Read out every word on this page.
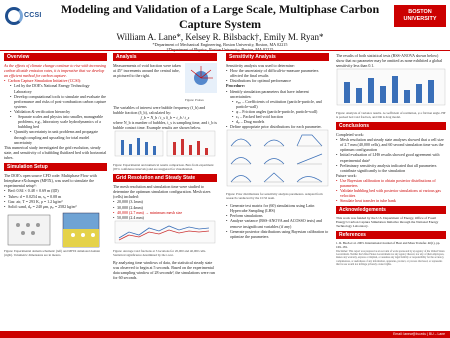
CCSI	BOSTON
UNIVERSITY
Modeling and Validation of a Large Scale, Multiphase Carbon Capture System
William A. Lane*, Kelsey R. Bilsback†, Emily M. Ryan*
*Department of Mechanical Engineering, Boston University, Boston, MA 02215
Overview

As the effects of climate change continue to rise with increasing carbon dioxide emission rates, it is imperative that we develop an efficient method for carbon capture.

• Carbon Capture Simulation Initiative (CCSI):
• Led by the DOE's National Energy Technology Laboratory
• Develop computational tools to simulate and evaluate the performance and risks of post-combustion carbon capture systems
• Validation & verification hierarchy
• Separate scales and physics into smaller, manageable problems, e.g., laboratory scale hydrodynamics of a bubbling bed
• Quantify uncertainty in unit problems and propagate through coupling and upscaling for total model uncertainty

This numerical study investigated the grid resolution, steady state, and sensitivity of a bubbling fluidized bed with horizontal tubes.

Simulation Setup

The DOE's open source CFD code: Multiphase Flow with Interphase eXchanges (MFIX), was used to simulate the experimental setup¹:

• Bed: 0.84 × 0.48 × 0.69 m (l|D)
• Tubes: d = 0.0254 m, sₓ = 0.08 m
• Gas: air, T = 293 K, ρ = 1.2 kg/m³
• Solid: sand, dₚ = 240 μm, ρₚ = 2582 kg/m³

Figure: Experimental domain schematic (left) and MFIX simulated domain (right). Volumetric dimensions are in meters.

Analysis

Measurements of void fraction were taken at 45° increments around the central tube, as pictured to the right.

Figure: Probes

The variables of interest were bubble frequency (f_b) and bubble fraction (δ_b), calculated by:

f_b = N_b / t_s δ_b = t_b / t_s

where N_b is number of bubbles, t_s is sampling time, and t_b is bubble contact time. Example results are shown below.

Figure: Experimental and numerical results comparison. Bars from experiment (95% confidence intervals) and are staggered for visualization.

Grid Resolution and Steady State

The mesh resolution and simulation time were studied to determine the optimum simulation configuration. Mesh sizes (cells) included:

• 20,000 (3.1mm)
• 30,000 (2.4mm)
• 40,000 (2.7 mm) → minimum mesh size
• 50,000 (2.4 mm)

Figure: Average void fractions at 3 locations for 20,000 and 40,000 cells. Statistical significance determined by the t-test.

By analyzing time windows of data, the statistical steady state was observed to begin at 5 seconds. Based on the experimental data sampling window of 28 seconds², the simulations were run for 60 seconds.

Sensitivity Analysis

Sensitivity analysis was used to determine:

• How the uncertainty of difficult-to-measure parameters affected the final results
• Distributions for optimal performance

Procedure:

• Identify simulation parameters that have inherent uncertainties:
• eₚₚ – Coefficients of restitution (particle-particle, and particle-wall)
• φ – Friction angles (particle-particle, particle-wall)
• εₛ – Packed bed void fraction
• dₚ – Drag models
• Define appropriate prior distributions for each parameter.

Figure: Prior distributions for sensitivity analysis parameters. Adapted from research conducted by the CCSI team.

• Generate test matrix for (60) simulations using Latin Hypercube Sampling (LHS)
• Perform simulations
• Analyze variance (BSS-ANOVA and ACOSSO tests) and remove insignificant variables (if any)
• Generate posterior distributions using Bayesian calibration to optimize the parameters

The results of both statistical tests (BSS-ANOVA shown below) show that no parameter may be omitted as none exhibited a global sensitivity less than 0.1.

Figure: Analysis of variance results. A coefficient of restitution, φ a friction angle. HP is packed bed void fraction, and DR is drag model.

Conclusions

Completed work:

• Mesh resolution and steady state analyses showed that a cell size of 2.7 mm (40,000 cells), and 60 second simulation time was the optimum configuration
• Initial evaluation of LHS results showed good agreement with experimental data³
• Preliminary sensitivity analysis indicated that all parameters contribute significantly to the simulation

Future work:

• Use Bayesian calibration to obtain posterior distributions of parameters
• Validate bubbling bed with posterior simulations at various gas velocities
• Simulate heat transfer in tube bank
Acknowledgements

This work was funded by the U.S. Department of Energy, Office of Fossil Energy's Carbon Capture Simulation Initiative through the National Energy Technology Laboratory.

References

1. R. Bsoh et al. 2003. International Journal of Heat and Mass Transfer. 46(1), pp. 169–181.

Disclaimer: This report was prepared as an account of work sponsored by an agency of the United States Government. Neither the United States Government nor any agency thereof, nor any of their employees, makes any warranty, express or implied, or assumes any legal liability or responsibility for the accuracy, completeness, or usefulness of any information, apparatus, product, or process disclosed, or represents that its use would not infringe privately owned rights.

Email: lanew@bu.edu | BU – Lane
